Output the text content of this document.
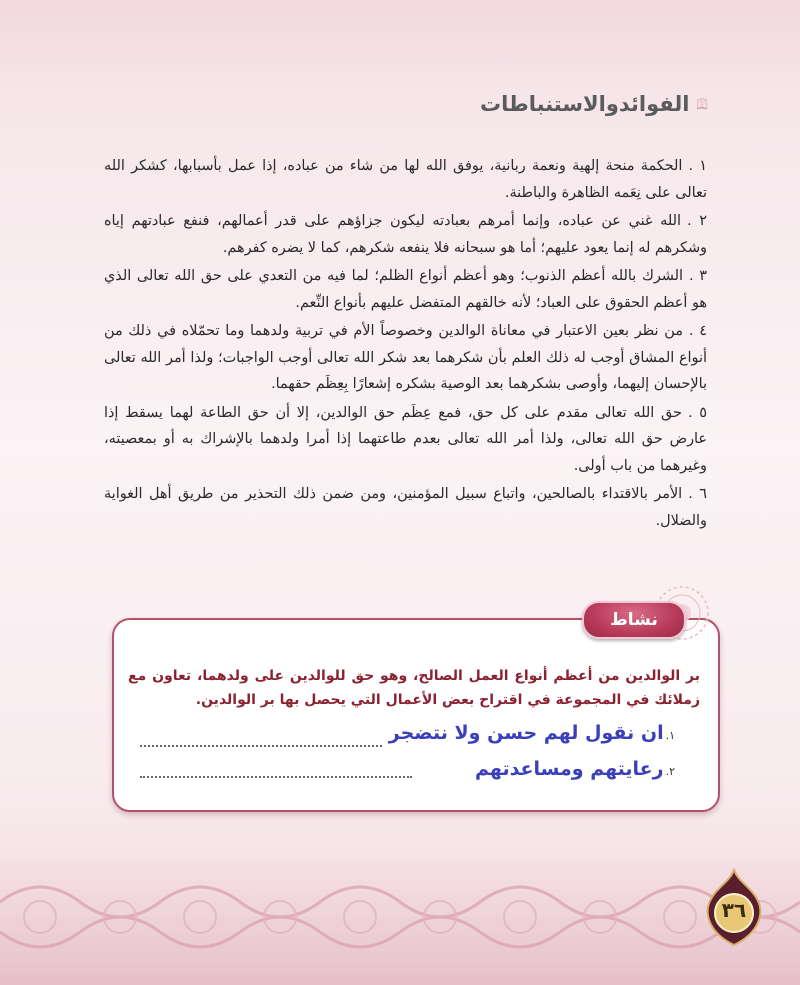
الفوائدوالاستنباطات
١ .الحكمة منحة إلهية ونعمة ربانية، يوفق الله لها من شاء من عباده، إذا عمل بأسبابها، كشكر الله تعالى على نِعَمه الظاهرة والباطنة.
٢ .الله غني عن عباده، وإنما أمرهم بعبادته ليكون جزاؤهم على قدر أعمالهم، فنفع عبادتهم إياه وشكرهم له إنما يعود عليهم؛ أما هو سبحانه فلا ينفعه شكرهم، كما لا يضره كفرهم.
٣ .الشرك بالله أعظم الذنوب؛ وهو أعظم أنواع الظلم؛ لما فيه من التعدي على حق الله تعالى الذي هو أعظم الحقوق على العباد؛ لأنه خالقهم المتفضل عليهم بأنواع النِّعم.
٤ .من نظر بعين الاعتبار في معاناة الوالدين وخصوصاً الأم في تربية ولدهما وما تحمّلاه في ذلك من أنواع المشاق أوجب له ذلك العلم بأن شكرهما بعد شكر الله تعالى أوجب الواجبات؛ ولذا أمر الله تعالى بالإحسان إليهما، وأوصى بشكرهما بعد الوصية بشكره إشعارًا بِعِظَم حقهما.
٥ .حق الله تعالى مقدم على كل حق، فمع عِظَم حق الوالدين، إلا أن حق الطاعة لهما يسقط إذا عارض حق الله تعالى، ولذا أمر الله تعالى بعدم طاعتهما إذا أمرا ولدهما بالإشراك به أو بمعصيته، وغيرهما من باب أولى.
٦ .الأمر بالاقتداء بالصالحين، واتباع سبيل المؤمنين، ومن ضمن ذلك التحذير من طريق أهل الغواية والضلال.
نشاط

بر الوالدين من أعظم أنواع العمل الصالح، وهو حق للوالدين على ولدهما، تعاون مع زملائك في المجموعة في اقتراح بعض الأعمال التي يحصل بها بر الوالدين.

١.
ان نقول لهم حسن ولا نتضجر
٢.
رعايتهم ومساعدتهم
٣٦
